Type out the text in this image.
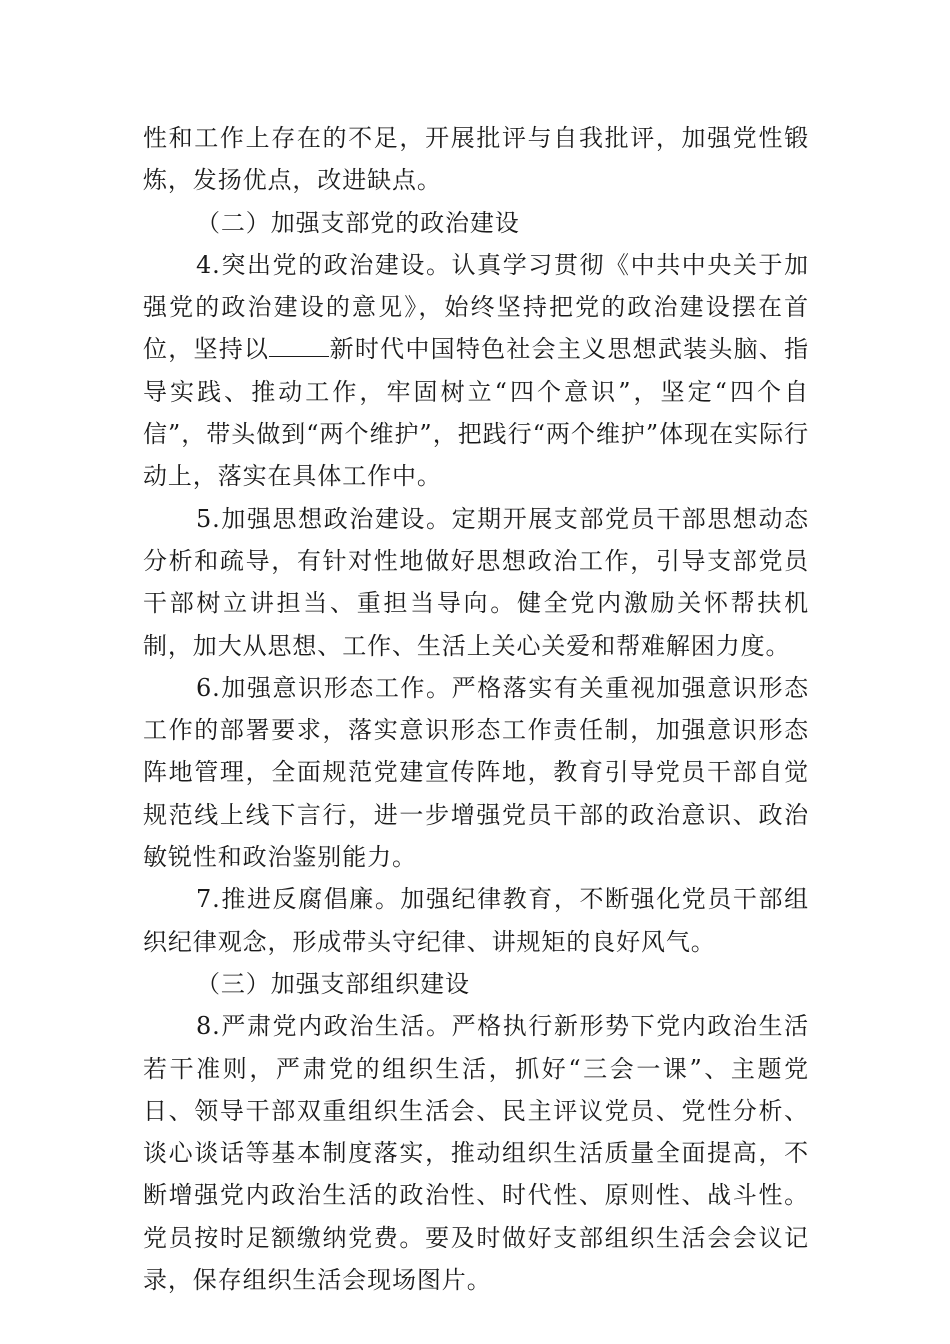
性和工作上存在的不足，开展批评与自我批评，加强党性锻炼，发扬优点，改进缺点。

（二）加强支部党的政治建设

4.突出党的政治建设。认真学习贯彻《中共中央关于加强党的政治建设的意见》，始终坚持把党的政治建设摆在首位，坚持以	新时代中国特色社会主义思想武装头脑、指导实践、推动工作，牢固树立“四个意识”，坚定“四个自信”，带头做到“两个维护”，把践行“两个维护”体现在实际行动上，落实在具体工作中。

5.加强思想政治建设。定期开展支部党员干部思想动态分析和疏导，有针对性地做好思想政治工作，引导支部党员干部树立讲担当、重担当导向。健全党内激励关怀帮扶机制，加大从思想、工作、生活上关心关爱和帮难解困力度。

6.加强意识形态工作。严格落实有关重视加强意识形态工作的部署要求，落实意识形态工作责任制，加强意识形态阵地管理，全面规范党建宣传阵地，教育引导党员干部自觉规范线上线下言行，进一步增强党员干部的政治意识、政治敏锐性和政治鉴别能力。

7.推进反腐倡廉。加强纪律教育，不断强化党员干部组织纪律观念，形成带头守纪律、讲规矩的良好风气。

（三）加强支部组织建设

8.严肃党内政治生活。严格执行新形势下党内政治生活若干准则，严肃党的组织生活，抓好“三会一课”、主题党日、领导干部双重组织生活会、民主评议党员、党性分析、谈心谈话等基本制度落实，推动组织生活质量全面提高，不断增强党内政治生活的政治性、时代性、原则性、战斗性。党员按时足额缴纳党费。要及时做好支部组织生活会会议记录，保存组织生活会现场图片。
